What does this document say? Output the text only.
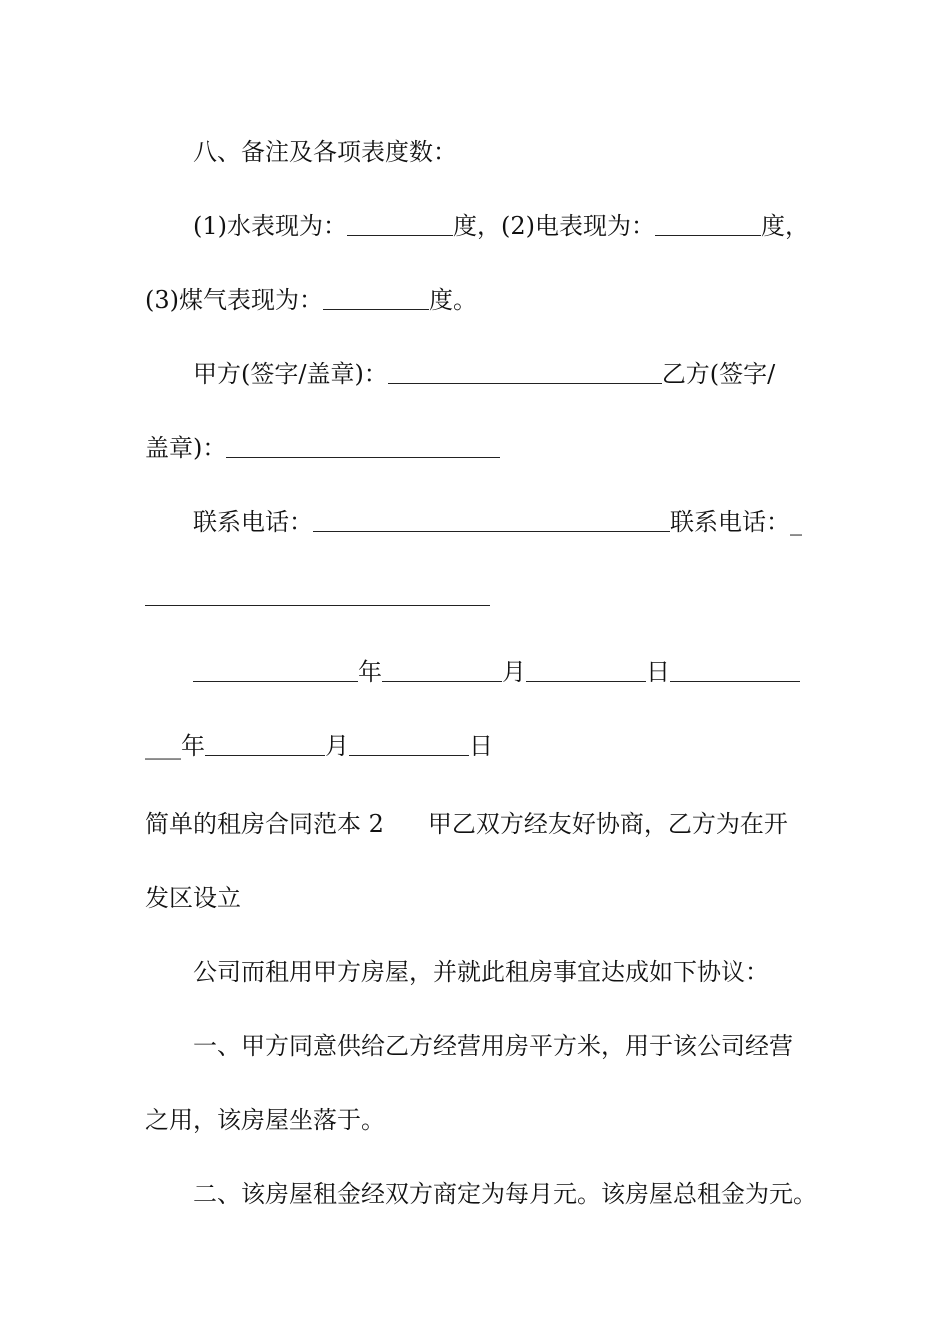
八、备注及各项表度数：
(1)水表现为：	度，(2)电表现为：	度，
(3)煤气表现为：	度。
甲方(签字/盖章)：	乙方(签字/
盖章)：
联系电话：	联系电话：_
年	月	日
___年	月	日
简单的租房合同范本 2 甲乙双方经友好协商，乙方为在开
发区设立
公司而租用甲方房屋，并就此租房事宜达成如下协议：
一、甲方同意供给乙方经营用房平方米，用于该公司经营
之用，该房屋坐落于。
二、该房屋租金经双方商定为每月元。该房屋总租金为元。
